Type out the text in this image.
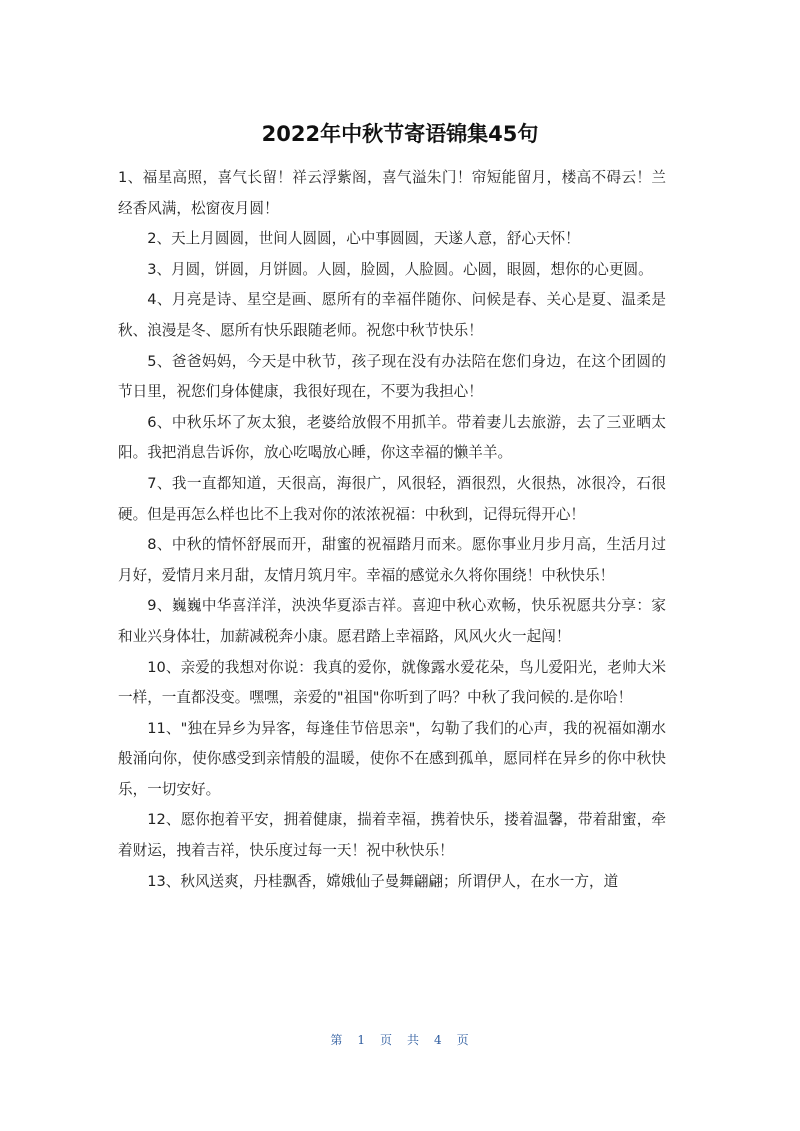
2022年中秋节寄语锦集45句

1、福星高照，喜气长留！祥云浮紫阁，喜气溢朱门！帘短能留月，楼高不碍云！兰经香风满，松窗夜月圆！

2、天上月圆圆，世间人圆圆，心中事圆圆，天遂人意，舒心天怀！

3、月圆，饼圆，月饼圆。人圆，脸圆，人脸圆。心圆，眼圆，想你的心更圆。

4、月亮是诗、星空是画、愿所有的幸福伴随你、问候是春、关心是夏、温柔是秋、浪漫是冬、愿所有快乐跟随老师。祝您中秋节快乐！

5、爸爸妈妈，今天是中秋节，孩子现在没有办法陪在您们身边，在这个团圆的节日里，祝您们身体健康，我很好现在，不要为我担心！

6、中秋乐坏了灰太狼，老婆给放假不用抓羊。带着妻儿去旅游，去了三亚晒太阳。我把消息告诉你，放心吃喝放心睡，你这幸福的懒羊羊。

7、我一直都知道，天很高，海很广，风很轻，酒很烈，火很热，冰很冷，石很硬。但是再怎么样也比不上我对你的浓浓祝福：中秋到，记得玩得开心！

8、中秋的情怀舒展而开，甜蜜的祝福踏月而来。愿你事业月步月高，生活月过月好，爱情月来月甜，友情月筑月牢。幸福的感觉永久将你围绕！中秋快乐！

9、巍巍中华喜洋洋，泱泱华夏添吉祥。喜迎中秋心欢畅，快乐祝愿共分享：家和业兴身体壮，加薪减税奔小康。愿君踏上幸福路，风风火火一起闯！

10、亲爱的我想对你说：我真的爱你，就像露水爱花朵，鸟儿爱阳光，老帅大米一样，一直都没变。嘿嘿，亲爱的"祖国"你听到了吗？中秋了我问候的.是你哈！

11、"独在异乡为异客，每逢佳节倍思亲"，勾勒了我们的心声，我的祝福如潮水般涌向你，使你感受到亲情般的温暖，使你不在感到孤单，愿同样在异乡的你中秋快乐，一切安好。

12、愿你抱着平安，拥着健康，揣着幸福，携着快乐，搂着温馨，带着甜蜜，牵着财运，拽着吉祥，快乐度过每一天！祝中秋快乐！

13、秋风送爽，丹桂飘香，嫦娥仙子曼舞翩翩；所谓伊人，在水一方，道

第 1 页 共 4 页
